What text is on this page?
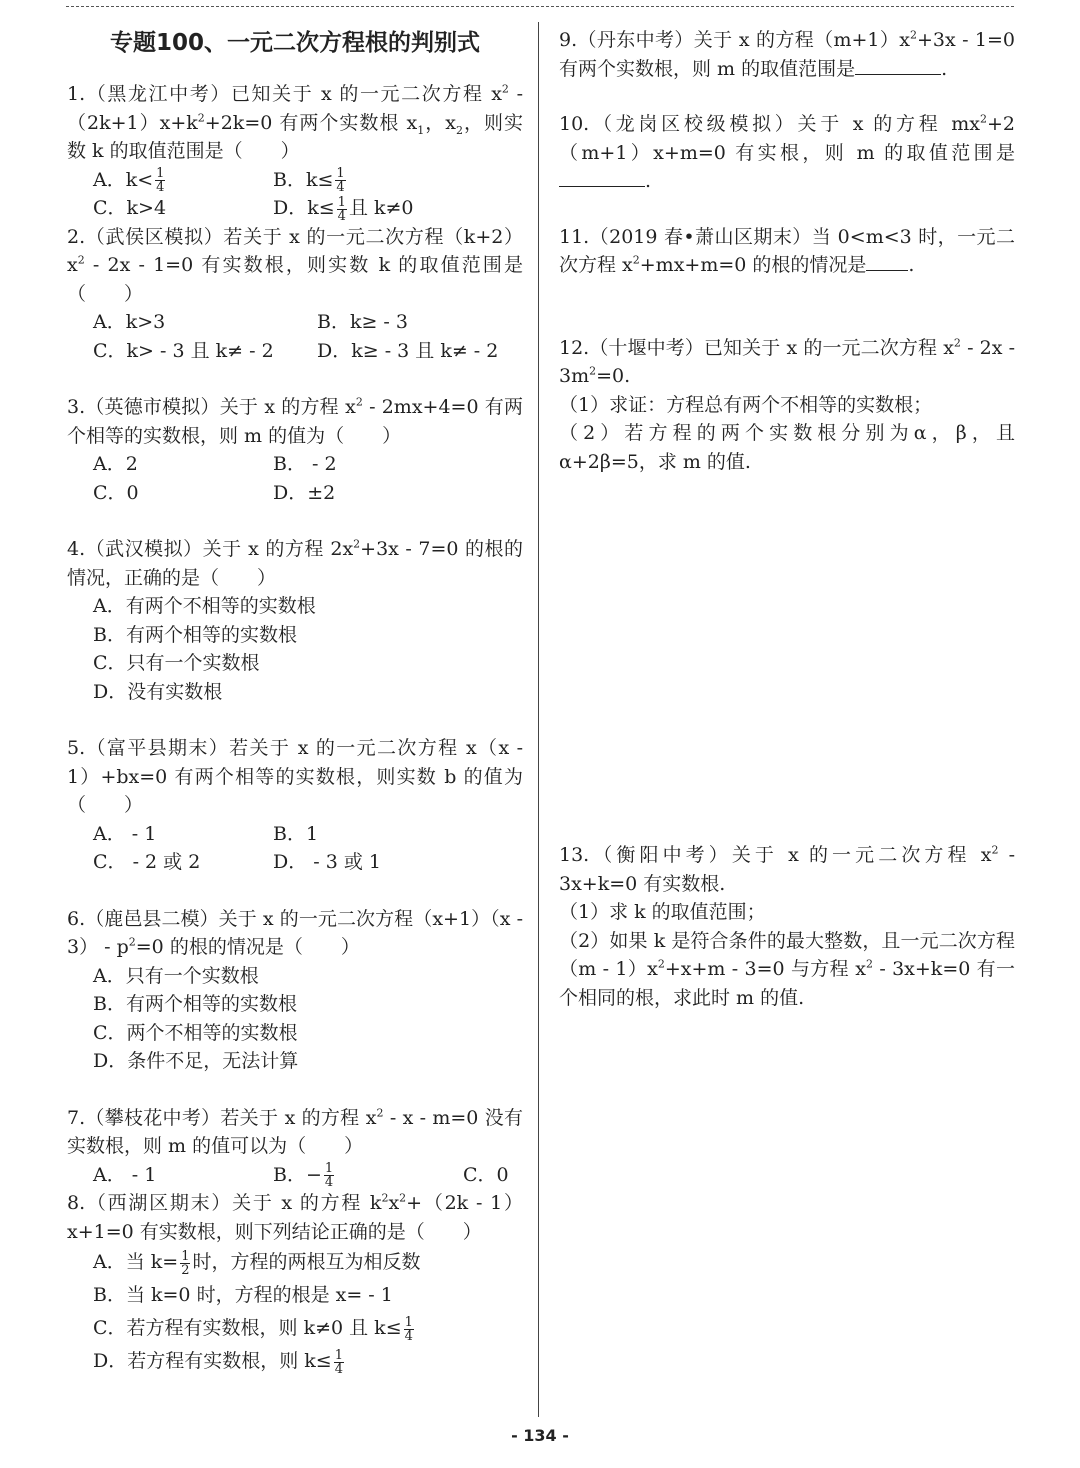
专题100、一元二次方程根的判别式
1.（黑龙江中考）已知关于 x 的一元二次方程 $x^2$ $-(2k+1)x+k^2+2k=0$ 有两个实数根 $x_1$，$x_2$，则实数 k 的取值范围是（　　）
A．$k< \frac{1}{4}$	B．$k\le \frac{1}{4}$
C．k>4	D．$k\le \frac{1}{4}$ 且 k≠0
2.（武侯区模拟）若关于 x 的一元二次方程$(k+2)x^2 - 2x - 1=0$ 有实数根，则实数 k 的取值范围是（　　）
A．k>3	B．k≥ - 3
C．k> - 3 且 k≠ - 2	D．k≥ - 3 且 k≠ - 2
3.（英德市模拟）关于 x 的方程 $x^2 - 2mx+4=0$ 有两个相等的实数根，则 m 的值为（　　）
A．2	B． - 2
C．0	D．±2
4.（武汉模拟）关于 x 的方程 $2x^2+3x - 7=0$ 的根的情况，正确的是（　　）
A．有两个不相等的实数根
B．有两个相等的实数根
C．只有一个实数根
D．没有实数根
5.（富平县期末）若关于 x 的一元二次方程 x（x - 1）+bx=0 有两个相等的实数根，则实数 b 的值为（　　）
A． - 1	B．1
C． - 2 或 2	D． - 3 或 1
6.（鹿邑县二模）关于 x 的一元二次方程$(x+1)(x - 3) - p^2=0$ 的根的情况是（　　）
A．只有一个实数根
B．有两个相等的实数根
C．两个不相等的实数根
D．条件不足，无法计算
7.（攀枝花中考）若关于 x 的方程 $x^2 - x - m=0$ 没有实数根，则 m 的值可以为（　　）
A． - 1	B．− $\frac{1}{4}$	C．0
8.（西湖区期末）关于 x 的方程 $k^2x^2+(2k - 1)x+1=0$ 有实数根，则下列结论正确的是（　　）
A．当 $k= \frac{1}{2}$ 时，方程的两根互为相反数
B．当 k=0 时，方程的根是 x= - 1
C．若方程有实数根，则 k≠0 且 $k\le \frac{1}{4}$
D．若方程有实数根，则 $k\le \frac{1}{4}$
9.（丹东中考）关于 x 的方程$(m+1)x^2+3x - 1=0$ 有两个实数根，则 m 的取值范围是	.
10.（龙岗区校级模拟）关于 x 的方程 $mx^2+2(m+1)x+m=0$ 有实根，则 m 的取值范围是.
11.（2019 春•萧山区期末）当 0<m<3 时，一元二次方程 $x^2+mx+m=0$ 的根的情况是 .
12.（十堰中考）已知关于 x 的一元二次方程 $x^2 - 2x - 3m^2=0$.
（1）求证：方程总有两个不相等的实数根；
（2）若方程的两个实数根分别为α，β，且α+2β=5，求 m 的值.
13.（衡阳中考）关于 x 的一元二次方程 $x^2 - 3x+k=0$ 有实数根.
（1）求 k 的取值范围；
（2）如果 k 是符合条件的最大整数，且一元二次方程$(m - 1)x^2+x+m - 3=0$ 与方程 $x^2 - 3x+k=0$ 有一个相同的根，求此时 m 的值.
- 134 -
